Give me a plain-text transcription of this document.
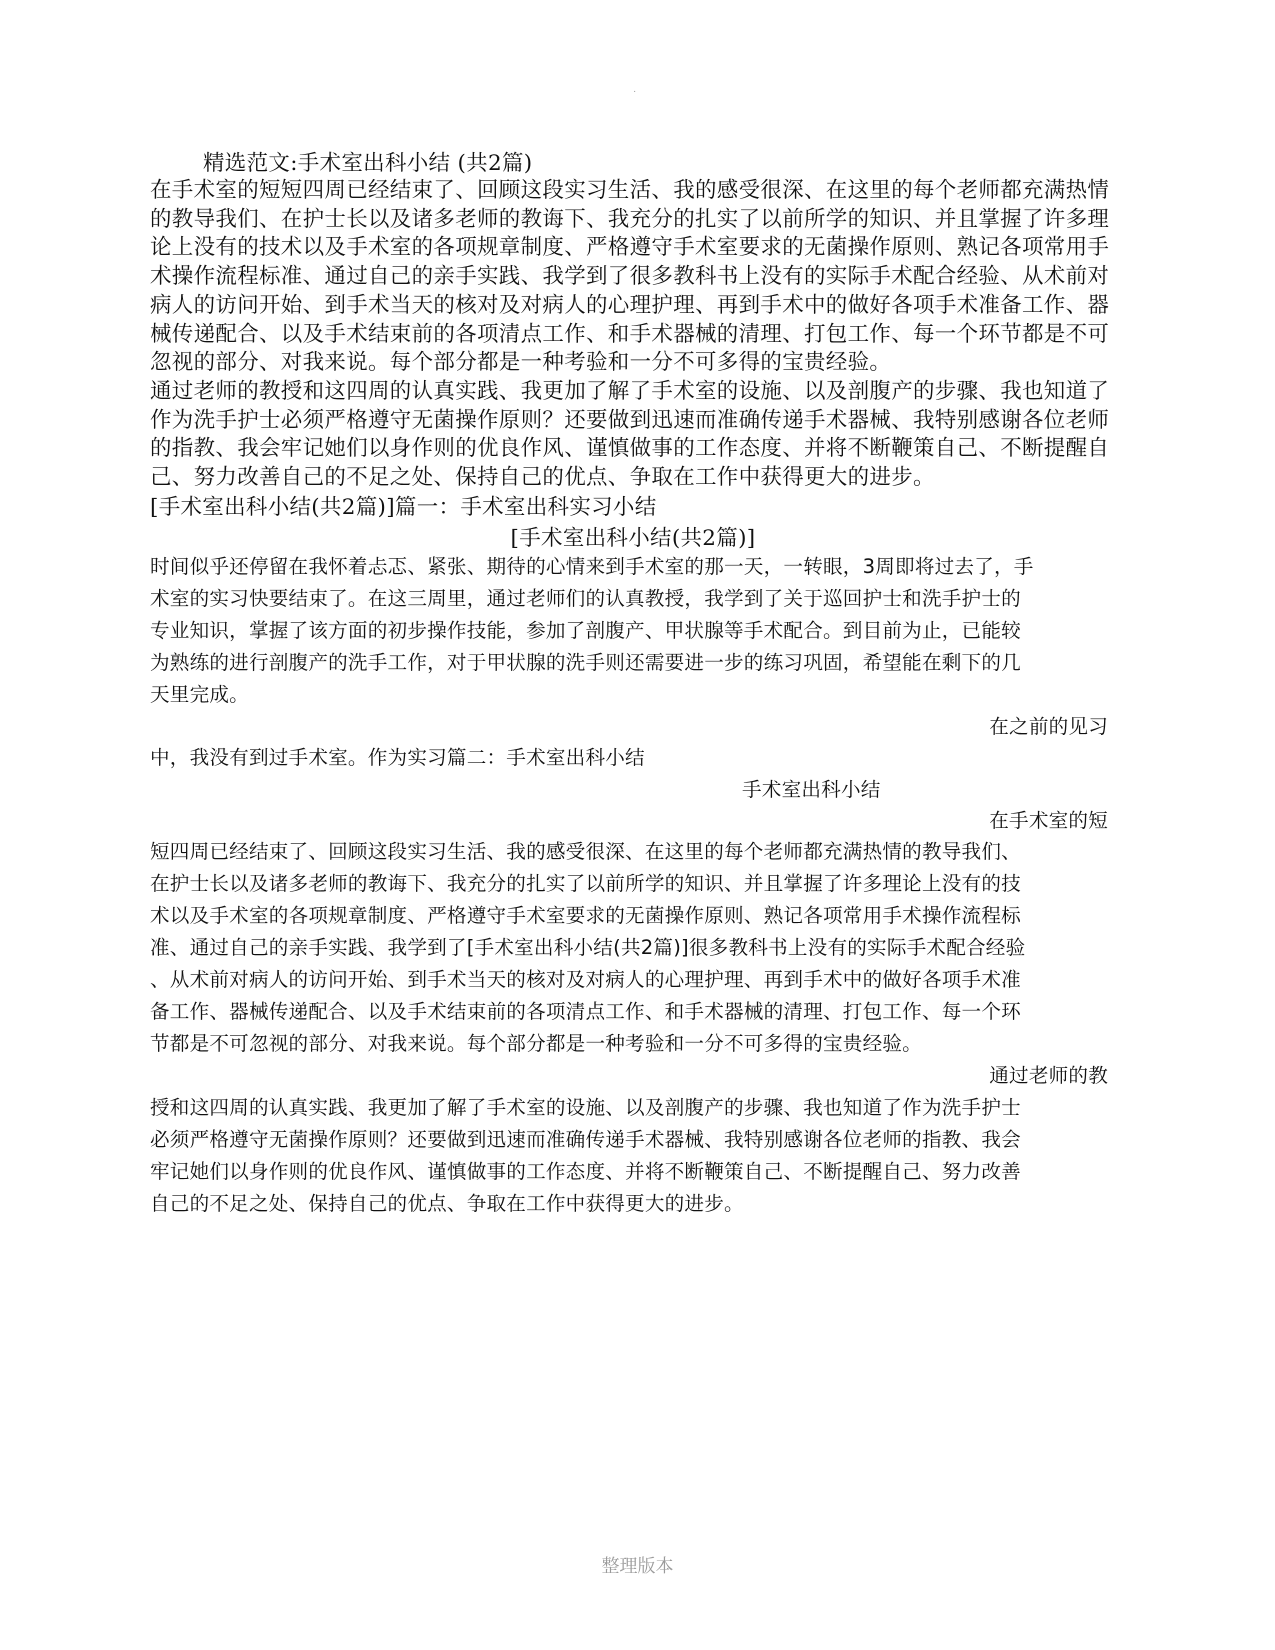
·
精选范文:手术室出科小结 (共2篇)
在手术室的短短四周已经结束了、回顾这段实习生活、我的感受很深、在这里的每个老师都充满热情
的教导我们、在护士长以及诸多老师的教诲下、我充分的扎实了以前所学的知识、并且掌握了许多理
论上没有的技术以及手术室的各项规章制度、严格遵守手术室要求的无菌操作原则、熟记各项常用手
术操作流程标准、通过自己的亲手实践、我学到了很多教科书上没有的实际手术配合经验、从术前对
病人的访问开始、到手术当天的核对及对病人的心理护理、再到手术中的做好各项手术准备工作、器
械传递配合、以及手术结束前的各项清点工作、和手术器械的清理、打包工作、每一个环节都是不可
忽视的部分、对我来说。每个部分都是一种考验和一分不可多得的宝贵经验。
通过老师的教授和这四周的认真实践、我更加了解了手术室的设施、以及剖腹产的步骤、我也知道了
作为洗手护士必须严格遵守无菌操作原则？还要做到迅速而准确传递手术器械、我特别感谢各位老师
的指教、我会牢记她们以身作则的优良作风、谨慎做事的工作态度、并将不断鞭策自己、不断提醒自
己、努力改善自己的不足之处、保持自己的优点、争取在工作中获得更大的进步。
[手术室出科小结(共2篇)]篇一：手术室出科实习小结
[手术室出科小结(共2篇)]
时间似乎还停留在我怀着忐忑、紧张、期待的心情来到手术室的那一天，一转眼，3周即将过去了，手
术室的实习快要结束了。在这三周里，通过老师们的认真教授，我学到了关于巡回护士和洗手护士的
专业知识，掌握了该方面的初步操作技能，参加了剖腹产、甲状腺等手术配合。到目前为止，已能较
为熟练的进行剖腹产的洗手工作，对于甲状腺的洗手则还需要进一步的练习巩固，希望能在剩下的几
天里完成。
在之前的见习
中，我没有到过手术室。作为实习篇二：手术室出科小结
手术室出科小结
在手术室的短
短四周已经结束了、回顾这段实习生活、我的感受很深、在这里的每个老师都充满热情的教导我们、
在护士长以及诸多老师的教诲下、我充分的扎实了以前所学的知识、并且掌握了许多理论上没有的技
术以及手术室的各项规章制度、严格遵守手术室要求的无菌操作原则、熟记各项常用手术操作流程标
准、通过自己的亲手实践、我学到了[手术室出科小结(共2篇)]很多教科书上没有的实际手术配合经验
、从术前对病人的访问开始、到手术当天的核对及对病人的心理护理、再到手术中的做好各项手术准
备工作、器械传递配合、以及手术结束前的各项清点工作、和手术器械的清理、打包工作、每一个环
节都是不可忽视的部分、对我来说。每个部分都是一种考验和一分不可多得的宝贵经验。
通过老师的教
授和这四周的认真实践、我更加了解了手术室的设施、以及剖腹产的步骤、我也知道了作为洗手护士
必须严格遵守无菌操作原则？还要做到迅速而准确传递手术器械、我特别感谢各位老师的指教、我会
牢记她们以身作则的优良作风、谨慎做事的工作态度、并将不断鞭策自己、不断提醒自己、努力改善
自己的不足之处、保持自己的优点、争取在工作中获得更大的进步。
整理版本
